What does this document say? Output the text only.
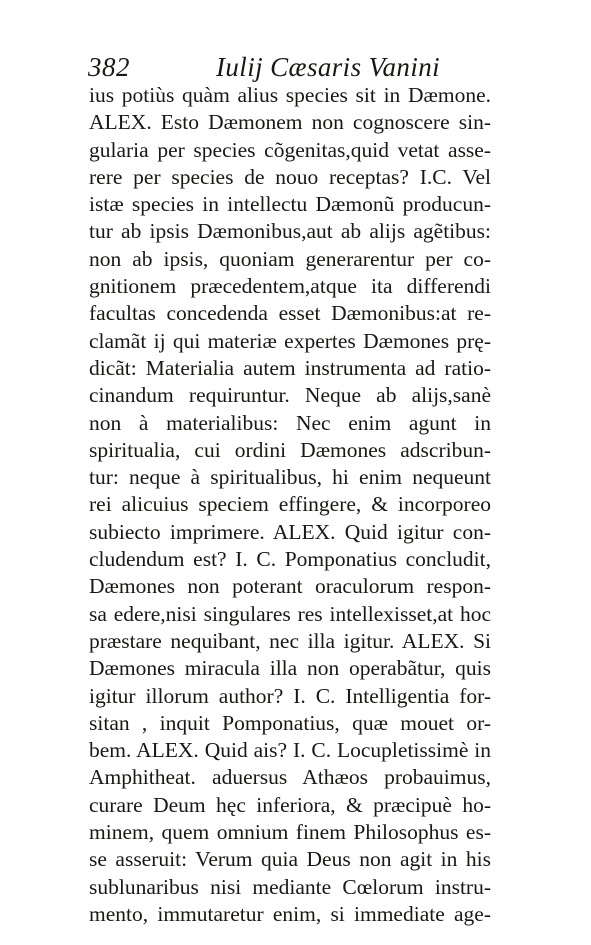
382	Iulij Cæsaris Vanini
ius potiùs quàm alius species sit in Dæmone.
ALEX. Esto Dæmonem non cognoscere sin-
gularia per species cõgenitas,quid vetat asse-
rere per species de nouo receptas? I.C. Vel
istæ species in intellectu Dæmonũ producun-
tur ab ipsis Dæmonibus,aut ab alijs agẽtibus:
non ab ipsis, quoniam generarentur per co-
gnitionem præcedentem,atque ita differendi
facultas concedenda esset Dæmonibus:at re-
clamãt ij qui materiæ expertes Dæmones prę-
dicãt: Materialia autem instrumenta ad ratio-
cinandum requiruntur. Neque ab alijs,sanè
non à materialibus: Nec enim agunt in
spiritualia, cui ordini Dæmones adscribun-
tur: neque à spiritualibus, hi enim nequeunt
rei alicuius speciem effingere, & incorporeo
subiecto imprimere. ALEX. Quid igitur con-
cludendum est? I. C. Pomponatius concludit,
Dæmones non poterant oraculorum respon-
sa edere,nisi singulares res intellexisset,at hoc
præstare nequibant, nec illa igitur. ALEX. Si
Dæmones miracula illa non operabãtur, quis
igitur illorum author? I. C. Intelligentia for-
sitan , inquit Pomponatius, quæ mouet or-
bem. ALEX. Quid ais? I. C. Locupletissimè in
Amphitheat. aduersus Athæos probauimus,
curare Deum hęc inferiora, & præcipuè ho-
minem, quem omnium finem Philosophus es-
se asseruit: Verum quia Deus non agit in his
sublunaribus nisi mediante Cœlorum instru-
mento, immutaretur enim, si immediate age-
